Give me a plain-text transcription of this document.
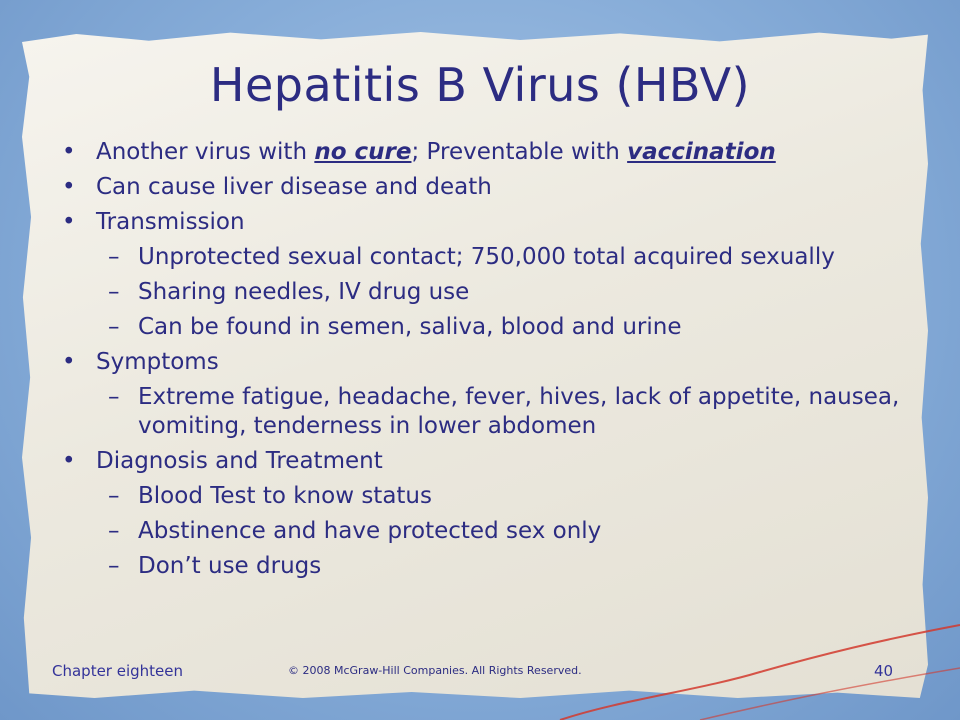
Hepatitis B Virus (HBV)
• Another virus with no cure; Preventable with vaccination
• Can cause liver disease and death
• Transmission
– Unprotected sexual contact; 750,000 total acquired sexually
– Sharing needles, IV drug use
– Can be found in semen, saliva, blood and urine
• Symptoms
– Extreme fatigue, headache, fever, hives, lack of appetite, nausea, vomiting, tenderness in lower abdomen
• Diagnosis and Treatment
– Blood Test to know status
– Abstinence and have protected sex only
– Don’t use drugs
Chapter eighteen	© 2008 McGraw-Hill Companies. All Rights Reserved.	40
